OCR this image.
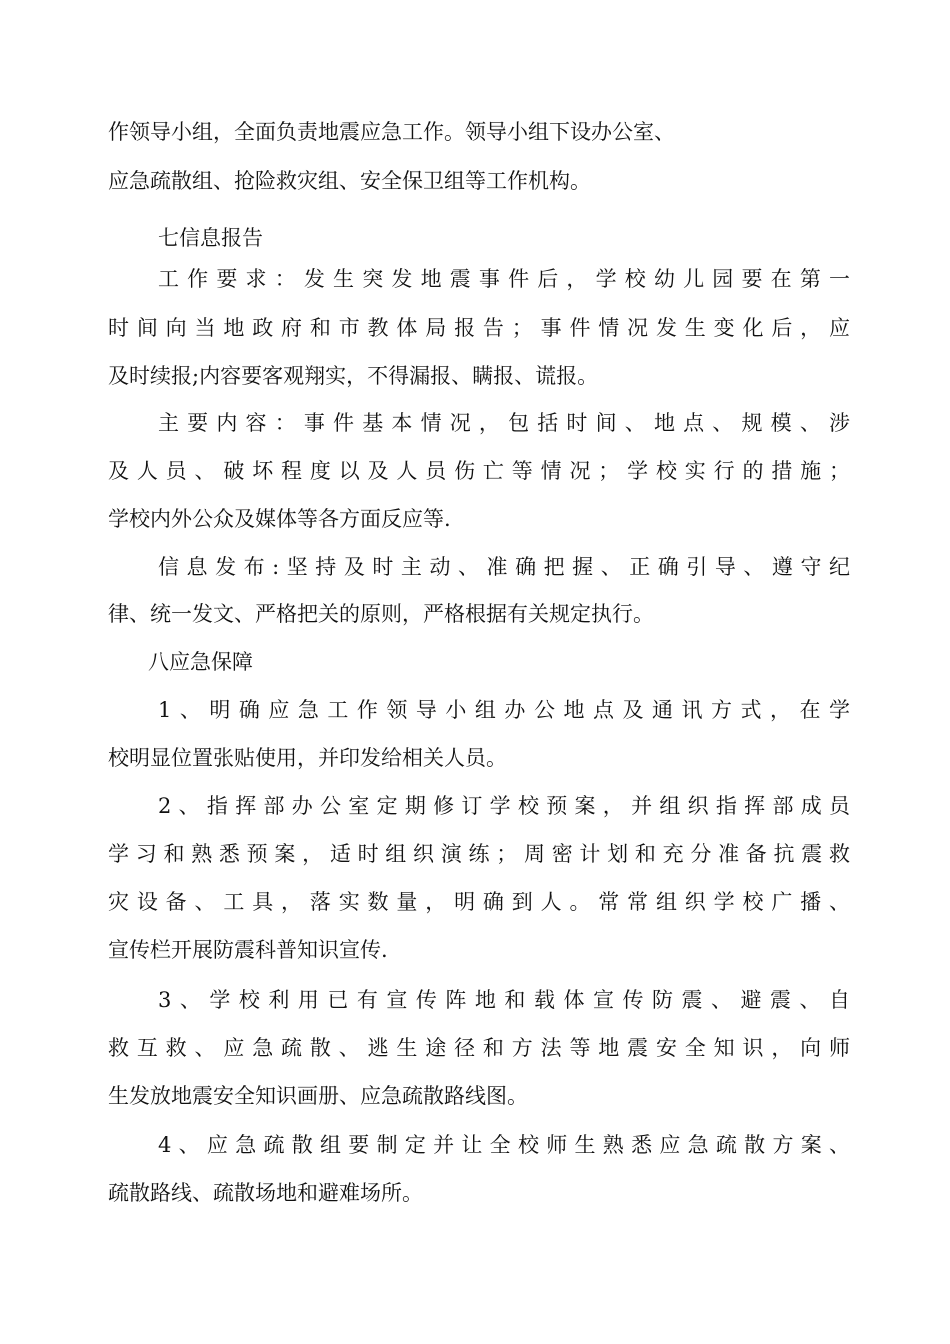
作领导小组，全面负责地震应急工作。领导小组下设办公室、
应急疏散组、抢险救灾组、安全保卫组等工作机构。
七信息报告
工作要求：发生突发地震事件后，学校幼儿园要在第一
时间向当地政府和市教体局报告；事件情况发生变化后，应
及时续报;内容要客观翔实，不得漏报、瞒报、谎报。
主要内容：事件基本情况，包括时间、地点、规模、涉
及人员、破坏程度以及人员伤亡等情况；学校实行的措施；
学校内外公众及媒体等各方面反应等.
信息发布:坚持及时主动、准确把握、正确引导、遵守纪
律、统一发文、严格把关的原则，严格根据有关规定执行。
八应急保障
1、明确应急工作领导小组办公地点及通讯方式，在学
校明显位置张贴使用，并印发给相关人员。
2、指挥部办公室定期修订学校预案，并组织指挥部成员
学习和熟悉预案，适时组织演练；周密计划和充分准备抗震救
灾设备、工具，落实数量，明确到人。常常组织学校广播、
宣传栏开展防震科普知识宣传.
3、学校利用已有宣传阵地和载体宣传防震、避震、自
救互救、应急疏散、逃生途径和方法等地震安全知识，向师
生发放地震安全知识画册、应急疏散路线图。
4、应急疏散组要制定并让全校师生熟悉应急疏散方案、
疏散路线、疏散场地和避难场所。
